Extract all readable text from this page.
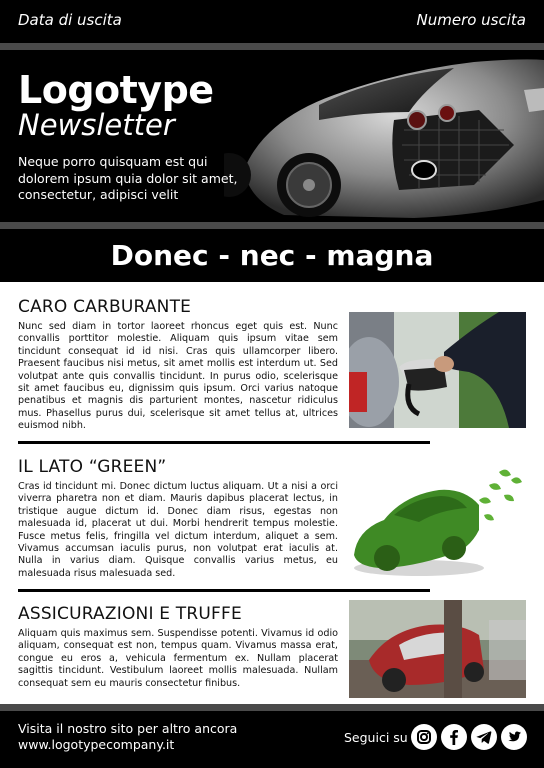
Data di uscita	Numero uscita
Logotype
Newsletter
Neque porro quisquam est qui dolorem ipsum quia dolor sit amet, consectetur, adipisci velit
Donec - nec - magna
CARO CARBURANTE

Nunc sed diam in tortor laoreet rhoncus eget quis est. Nunc convallis porttitor molestie. Aliquam quis ipsum vitae sem tincidunt consequat id id nisi. Cras quis ullamcorper libero. Praesent faucibus nisi metus, sit amet mollis est interdum ut. Sed volutpat ante quis convallis tincidunt. In purus odio, scelerisque sit amet faucibus eu, dignissim quis ipsum. Orci varius natoque penatibus et magnis dis parturient montes, nascetur ridiculus mus. Phasellus purus dui, scelerisque sit amet tellus at, ultrices euismod nibh.

IL LATO “GREEN”

Cras id tincidunt mi. Donec dictum luctus aliquam. Ut a nisi a orci viverra pharetra non et diam. Mauris dapibus placerat lectus, in tristique augue dictum id. Donec diam risus, egestas non malesuada id, placerat ut dui. Morbi hendrerit tempus molestie. Fusce metus felis, fringilla vel dictum interdum, aliquet a sem. Vivamus accumsan iaculis purus, non volutpat erat iaculis at. Nulla in varius diam. Quisque convallis varius metus, eu malesuada risus malesuada sed.

ASSICURAZIONI E TRUFFE

Aliquam quis maximus sem. Suspendisse potenti. Vivamus id odio aliquam, consequat est non, tempus quam. Vivamus massa erat, congue eu eros a, vehicula fermentum ex. Nullam placerat sagittis tincidunt. Vestibulum laoreet mollis malesuada. Nullam consequat sem eu mauris consectetur finibus.

Visita il nostro sito per altro ancora
www.logotypecompany.it	Seguici su
